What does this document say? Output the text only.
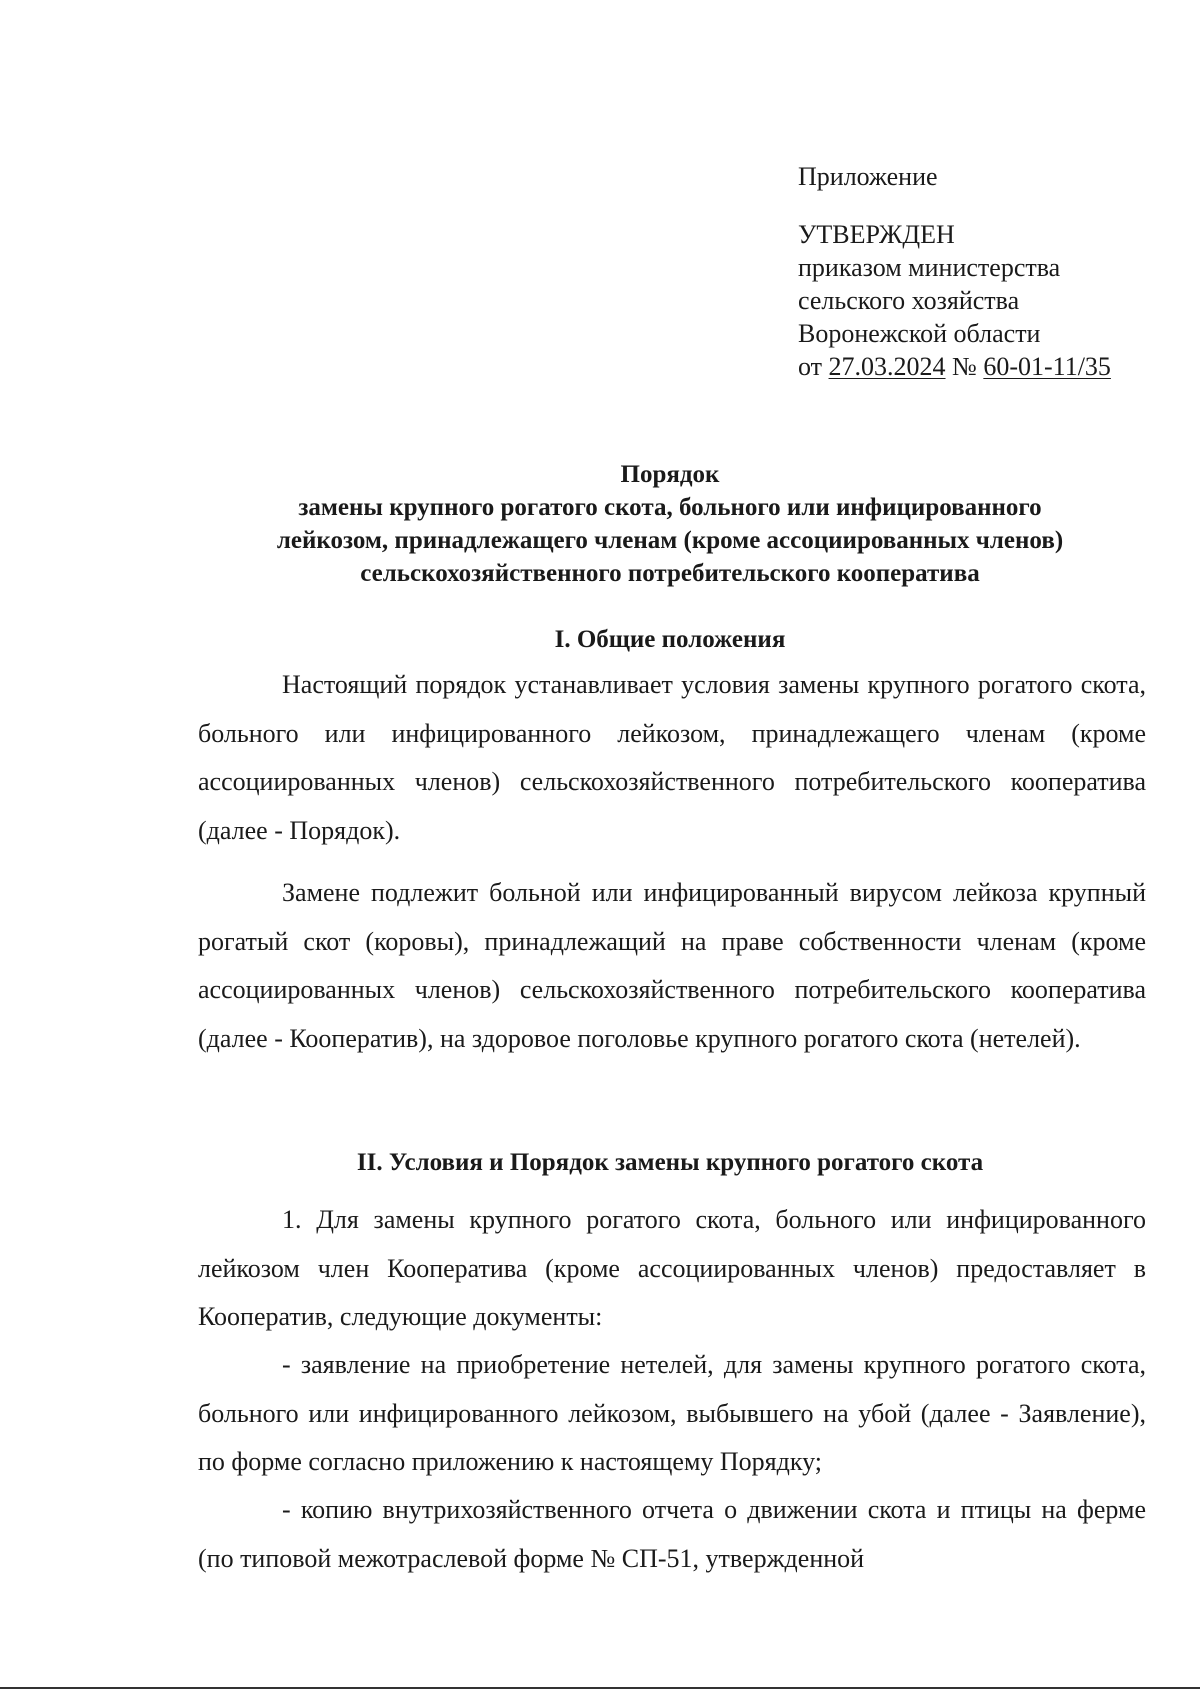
Приложение
УТВЕРЖДЕН
приказом министерства
сельского хозяйства
Воронежской области
от 27.03.2024 № 60-01-11/35
Порядок
замены крупного рогатого скота, больного или инфицированного
лейкозом, принадлежащего членам (кроме ассоциированных членов)
сельскохозяйственного потребительского кооператива
I. Общие положения

Настоящий порядок устанавливает условия замены крупного рогатого скота, больного или инфицированного лейкозом, принадлежащего членам (кроме ассоциированных членов) сельскохозяйственного потребительского кооператива (далее - Порядок).

Замене подлежит больной или инфицированный вирусом лейкоза крупный рогатый скот (коровы), принадлежащий на праве собственности членам (кроме ассоциированных членов) сельскохозяйственного потребительского кооператива (далее - Кооператив), на здоровое поголовье крупного рогатого скота (нетелей).

II. Условия и Порядок замены крупного рогатого скота

1. Для замены крупного рогатого скота, больного или инфицированного лейкозом член Кооператива (кроме ассоциированных членов) предоставляет в Кооператив, следующие документы:

- заявление на приобретение нетелей, для замены крупного рогатого скота, больного или инфицированного лейкозом, выбывшего на убой (далее - Заявление), по форме согласно приложению к настоящему Порядку;

- копию внутрихозяйственного отчета о движении скота и птицы на ферме (по типовой межотраслевой форме № СП-51, утвержденной
